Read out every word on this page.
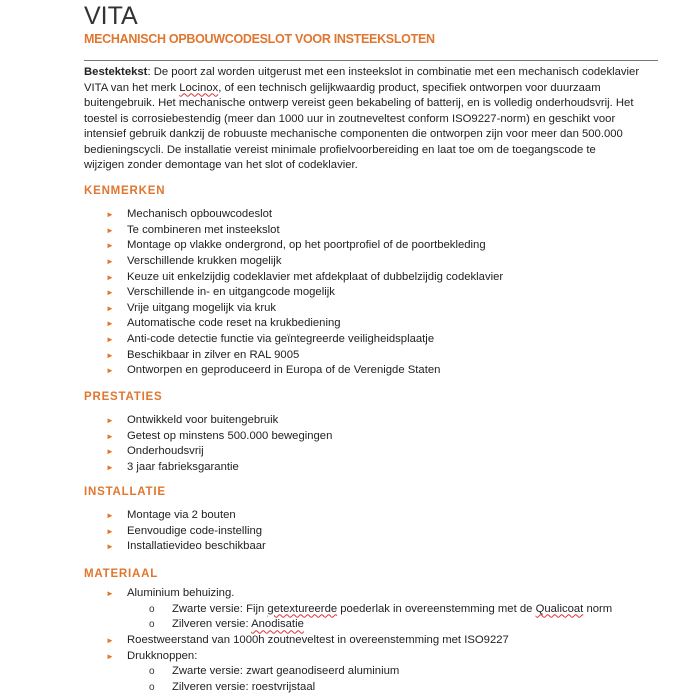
VITA
MECHANISCH OPBOUWCODESLOT VOOR INSTEEKSLOTEN
Bestektekst: De poort zal worden uitgerust met een insteekslot in combinatie met een mechanisch codeklavier
VITA van het merk Locinox, of een technisch gelijkwaardig product, specifiek ontworpen voor duurzaam
buitengebruik. Het mechanische ontwerp vereist geen bekabeling of batterij, en is volledig onderhoudsvrij. Het
toestel is corrosiebestendig (meer dan 1000 uur in zoutneveltest conform ISO9227-norm) en geschikt voor
intensief gebruik dankzij de robuuste mechanische componenten die ontworpen zijn voor meer dan 500.000
bedieningscycli. De installatie vereist minimale profielvoorbereiding en laat toe om de toegangscode te
wijzigen zonder demontage van het slot of codeklavier.
KENMERKEN
► Mechanisch opbouwcodeslot
► Te combineren met insteekslot
► Montage op vlakke ondergrond, op het poortprofiel of de poortbekleding
► Verschillende krukken mogelijk
► Keuze uit enkelzijdig codeklavier met afdekplaat of dubbelzijdig codeklavier
► Verschillende in- en uitgangcode mogelijk
► Vrije uitgang mogelijk via kruk
► Automatische code reset na krukbediening
► Anti-code detectie functie via geïntegreerde veiligheidsplaatje
► Beschikbaar in zilver en RAL 9005
► Ontworpen en geproduceerd in Europa of de Verenigde Staten
PRESTATIES
► Ontwikkeld voor buitengebruik
► Getest op minstens 500.000 bewegingen
► Onderhoudsvrij
► 3 jaar fabrieksgarantie
INSTALLATIE
► Montage via 2 bouten
► Eenvoudige code-instelling
► Installatievideo beschikbaar
MATERIAAL
► Aluminium behuizing.
o Zwarte versie: Fijn getextureerde poederlak in overeenstemming met de Qualicoat norm
o Zilveren versie: Anodisatie
► Roestweerstand van 1000h zoutneveltest in overeenstemming met ISO9227
► Drukknoppen:
o Zwarte versie: zwart geanodiseerd aluminium
o Zilveren versie: roestvrijstaal
